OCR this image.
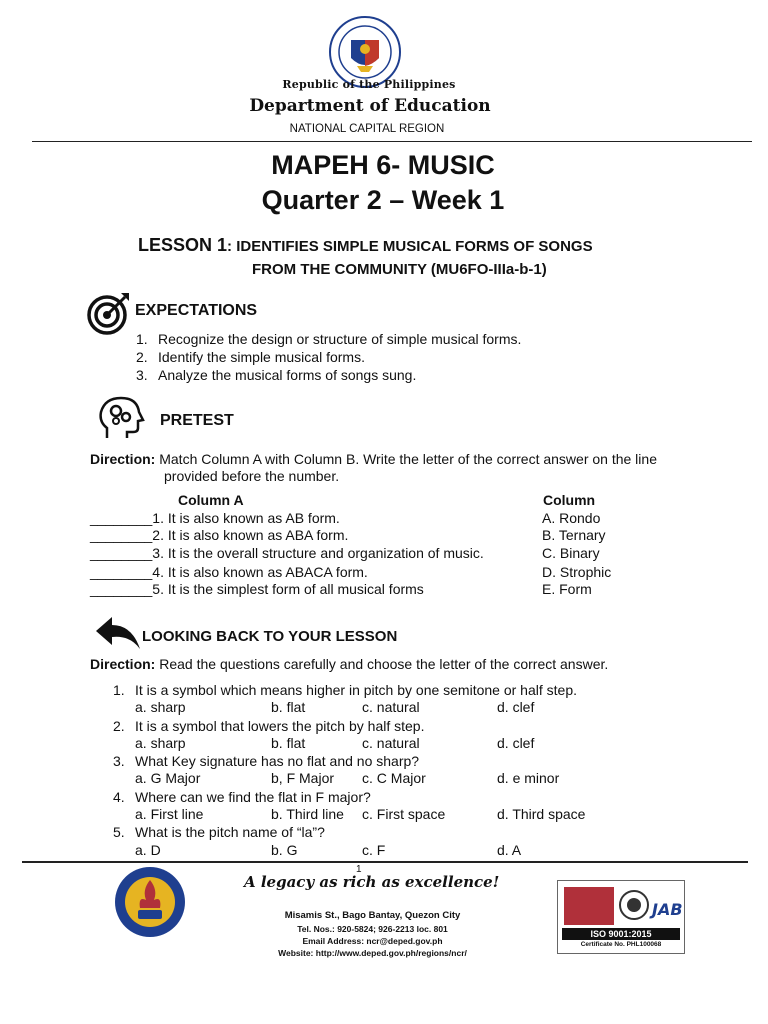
Republic of the Philippines
Department of Education
NATIONAL CAPITAL REGION
MAPEH 6- MUSIC
Quarter 2 – Week 1
LESSON 1: IDENTIFIES SIMPLE MUSICAL FORMS OF SONGS
FROM THE COMMUNITY (MU6FO-IIIa-b-1)
EXPECTATIONS
1. Recognize the design or structure of simple musical forms.
2. Identify the simple musical forms.
3. Analyze the musical forms of songs sung.
PRETEST
Direction: Match Column A with Column B. Write the letter of the correct answer on the line
provided before the number.
Column A	Column
________1. It is also known as AB form.	A. Rondo
________2. It is also known as ABA form.	B. Ternary
________3. It is the overall structure and organization of music.	C. Binary
________4. It is also known as ABACA form.	D. Strophic
________5. It is the simplest form of all musical forms	E. Form
LOOKING BACK TO YOUR LESSON
Direction: Read the questions carefully and choose the letter of the correct answer.
1. It is a symbol which means higher in pitch by one semitone or half step.
a. sharp	b. flat	c. natural	d. clef
2. It is a symbol that lowers the pitch by half step.
a. sharp	b. flat	c. natural	d. clef
3. What Key signature has no flat and no sharp?
a. G Major	b, F Major c. C Major	d. e minor
4. Where can we find the flat in F major?
a. First line	b. Third line c. First space	d. Third space
5. What is the pitch name of “la”?
a. D	b. G	c. F	d. A
1
A legacy as rich as excellence!
Misamis St., Bago Bantay, Quezon City
Tel. Nos.: 920-5824; 926-2213 loc. 801
Email Address: ncr@deped.gov.ph
Website: http://www.deped.gov.ph/regions/ncr/
JAB
ISO 9001:2015
Certificate No. PHL100068
